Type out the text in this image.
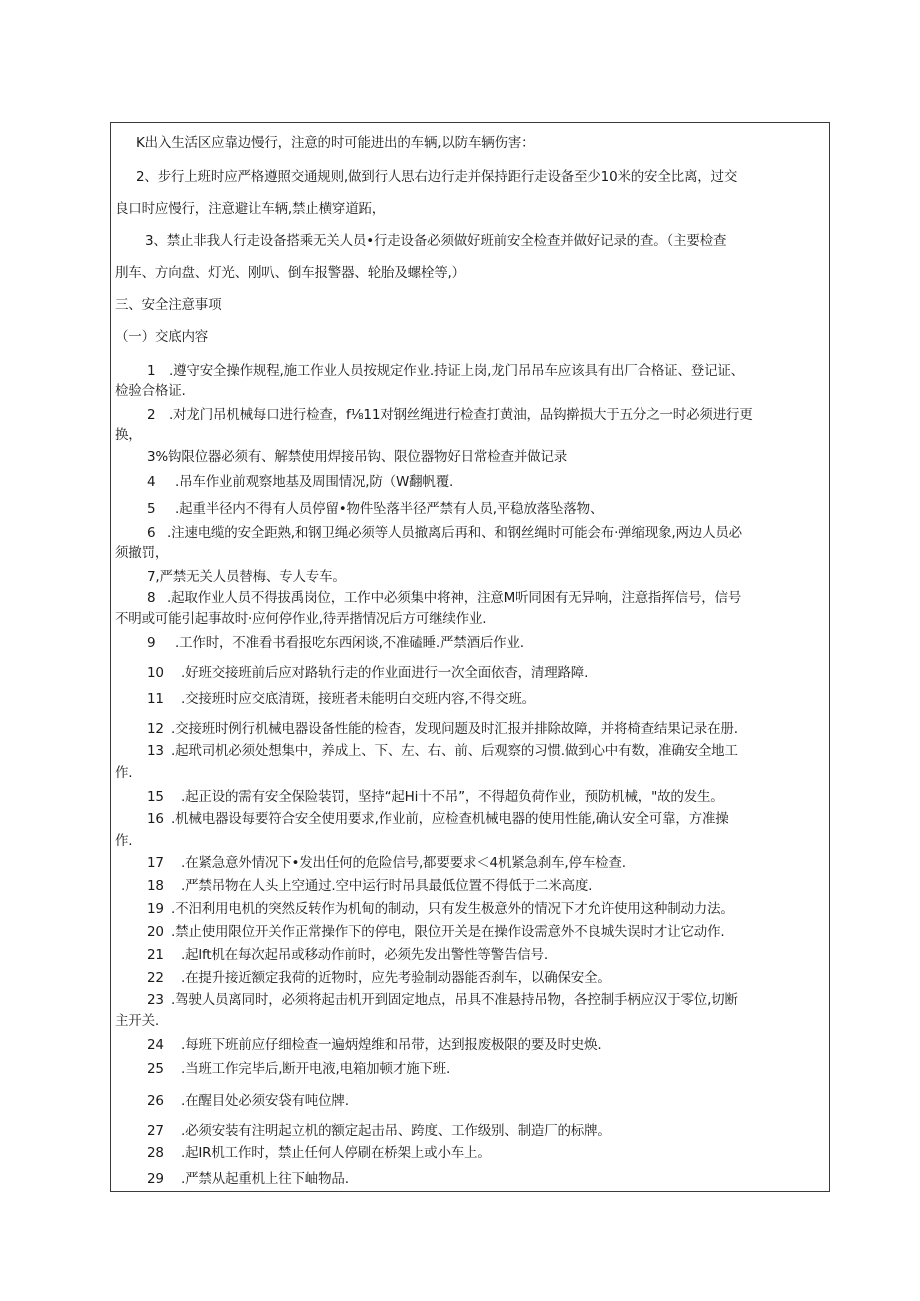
K出入生活区应靠边慢行，注意的时可能进出的车辆,以防车辆伤害：
2、步行上班时应严格遵照交通规则,做到行人思右边行走并保持距行走设备至少10米的安全比离，过交
良口时应慢行，注意避让车辆,禁止横穿道跖，
3、禁止非我人行走设备搭乘无关人员•行走设备必须做好班前安全检查并做好记录的查。（主要检查
刖车、方向盘、灯光、刚叭、倒车报警器、轮胎及螺栓等,）
三、安全注意事项
（一）交底内容
1 .遵守安全操作规程,施工作业人员按规定作业.持证上岗,龙门吊吊车应该具有出厂合格证、登记证、
检验合格证.
2 .对龙门吊机械每口进行检查，f⅛11对钢丝绳进行检查打黄油，品钩擀损大于五分之一时必须进行更
换，
3%钩限位器必须有、解禁使用焊接吊钩、限位器物好日常检查并做记录
4 .吊车作业前观察地基及周围情况,防（W翻帆覆.
5 .起重半径内不得有人员停留•物件坠落半径严禁有人员,平稳放落坠落物、
6 .注速电缆的安全距熟,和钢卫绳必须等人员撤离后再和、和钢丝绳时可能会布·弹缩现象,两边人员必
须撤罚，
7,严禁无关人员替梅、专人专车。
8 .起取作业人员不得拔禹岗位，工作中必须集中将神，注意M听同困有无异响，注意指挥信号，信号
不明或可能引起事故时·应何停作业,待弄揩情况后方可继续作业.
9 .工作时，不准看书看报吃东西闲谈,不准磕睡.严禁酒后作业.
10 .好班交接班前后应对路轨行走的作业面进行一次全面依杳，清理路障.
11 .交接班时应交底清斑，接班者未能明白交班内容,不得交班。
12 .交接班时例行机械电器设备性能的检杳，发现问题及时汇报并排除故障，并将椅查结果记录在册.
13 .起玳司机必须处想集中，养成上、下、左、右、前、后观察的习惯.做到心中有数，准确安全地工
作.
15 .起正设的需有安全保险装罚，坚持“起Hi十不吊”，不得超负荷作业，预防机械，"故的发生。
16 .机械电器设每要符合安全使用要求,作业前，应检查机械电器的使用性能,确认安全可靠，方准操
作.
17 .在紧急意外情况下•发出任何的危险信号,都要要求＜4机紧急刹车,停车检查.
18 .严禁吊物在人头上空通过.空中运行时吊具最低位置不得低于二米高度.
19 .不汨利用电机的突然反转作为机甸的制动，只有发生极意外的情况下才允许使用这种制动力法。
20 .禁止使用限位开关作正常操作下的停电，限位开关是在操作设需意外不良城失误时才让它动作.
21 .起lft机在每次起吊或移动作前时，必须先发出警性等警告信号.
22 .在提升接近额定我荷的近物时，应先考验制动器能否刹车，以确保安全。
23 .驾驶人员离同时，必须将起击机开到固定地点，吊具不准悬持吊物，各控制手柄应汉于零位,切断
主开关.
24 .每班下班前应仔细检查一遍炳煌维和吊带，达到报废极限的要及时史焕.
25 .当班工作完毕后,断开电液,电箱加顿才施下班.
26 .在醒目处必须安袋有吨位牌.
27 .必须安装有注明起立机的额定起击吊、跨度、工作级别、制造厂的标牌。
28 .起IR机工作时，禁止任何人停刷在桥架上或小车上。
29 .严禁从起重机上往下岫物品.
